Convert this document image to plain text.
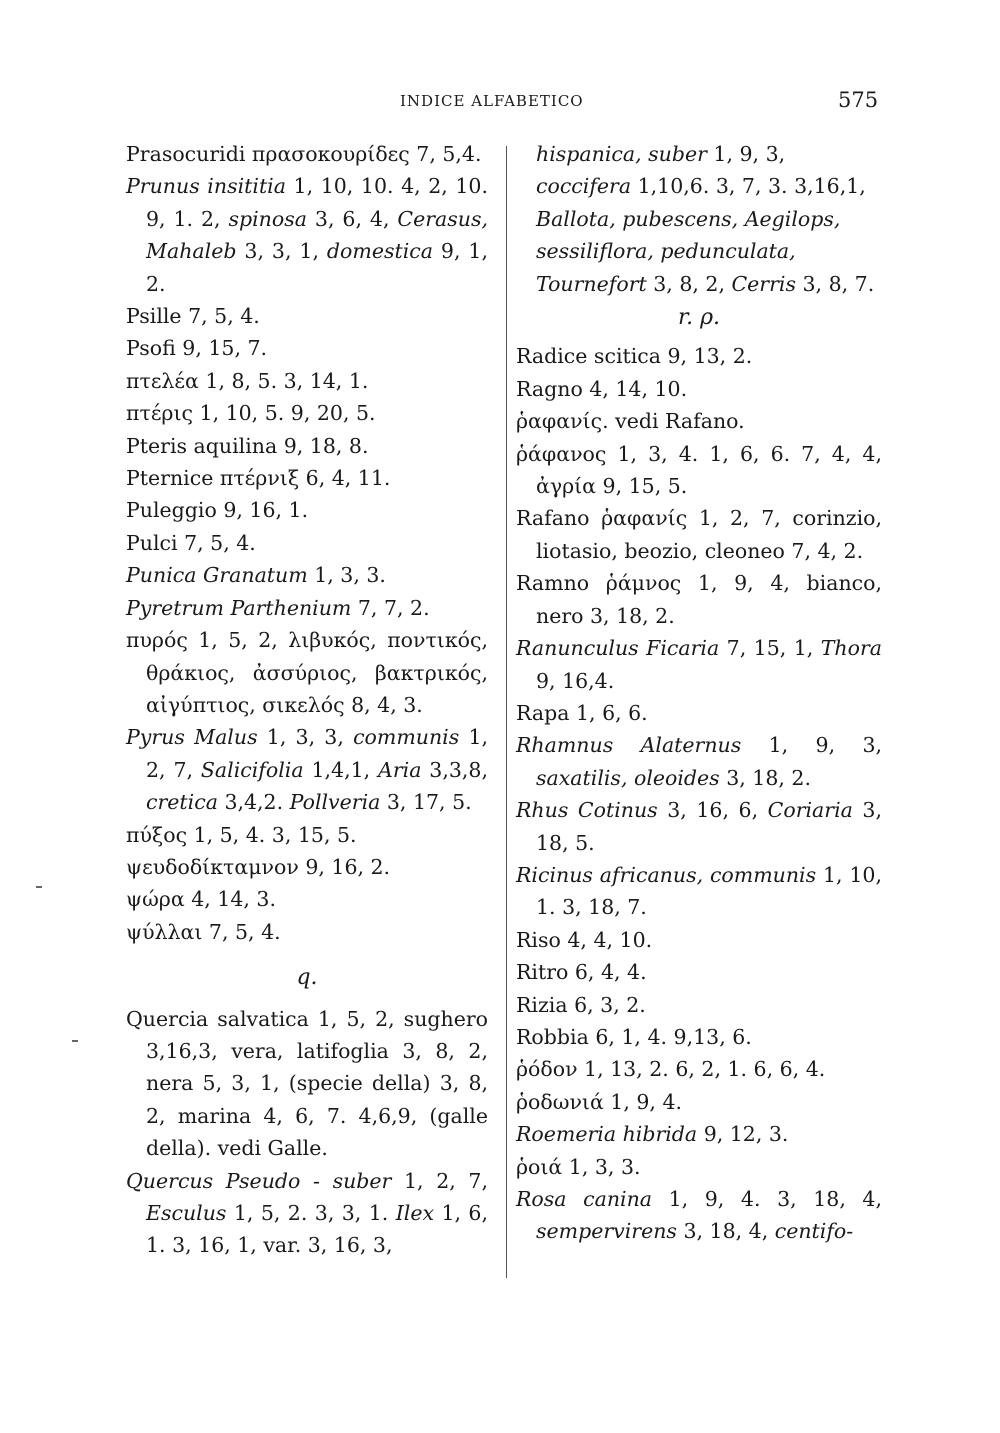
INDICE ALFABETICO	575
Prasocuridi πρασοκουρίδες 7, 5,4.
Prunus insititia 1, 10, 10. 4, 2, 10. 9, 1. 2, spinosa 3, 6, 4, Cerasus, Mahaleb 3, 3, 1, domestica 9, 1, 2.
Psille 7, 5, 4.
Psofi 9, 15, 7.
πτελέα 1, 8, 5. 3, 14, 1.
πτέρις 1, 10, 5. 9, 20, 5.
Pteris aquilina 9, 18, 8.
Pternice πτέρνιξ 6, 4, 11.
Puleggio 9, 16, 1.
Pulci 7, 5, 4.
Punica Granatum 1, 3, 3.
Pyretrum Parthenium 7, 7, 2.
πυρός 1, 5, 2, λιβυκός, ποντικός, θράκιος, ἀσσύριος, βακτρικός, αἰγύπτιος, σικελός 8, 4, 3.
Pyrus Malus 1, 3, 3, communis 1, 2, 7, Salicifolia 1,4,1, Aria 3,3,8, cretica 3,4,2. Pollveria 3, 17, 5.
πύξος 1, 5, 4. 3, 15, 5.
ψευδοδίκταμνον 9, 16, 2.
ψώρα 4, 14, 3.
ψύλλαι 7, 5, 4.
q.
Quercia salvatica 1, 5, 2, sughero 3,16,3, vera, latifoglia 3, 8, 2, nera 5, 3, 1, (specie della) 3, 8, 2, marina 4, 6, 7. 4,6,9, (galle della). vedi Galle.
Quercus Pseudo - suber 1, 2, 7, Esculus 1, 5, 2. 3, 3, 1. Ilex 1, 6, 1. 3, 16, 1, var. 3, 16, 3,
hispanica, suber 1, 9, 3, coccifera 1,10,6. 3, 7, 3. 3,16,1, Ballota, pubescens, Aegilops, sessiliflora, pedunculata, Tournefort 3, 8, 2, Cerris 3, 8, 7.
r. ρ.
Radice scitica 9, 13, 2.
Ragno 4, 14, 10.
ῥαφανίς. vedi Rafano.
ῥάφανος 1, 3, 4. 1, 6, 6. 7, 4, 4, ἀγρία 9, 15, 5.
Rafano ῥαφανίς 1, 2, 7, corinzio, liotasio, beozio, cleoneo 7, 4, 2.
Ramno ῥάμνος 1, 9, 4, bianco, nero 3, 18, 2.
Ranunculus Ficaria 7, 15, 1, Thora 9, 16,4.
Rapa 1, 6, 6.
Rhamnus Alaternus 1, 9, 3, saxatilis, oleoides 3, 18, 2.
Rhus Cotinus 3, 16, 6, Coriaria 3, 18, 5.
Ricinus africanus, communis 1, 10, 1. 3, 18, 7.
Riso 4, 4, 10.
Ritro 6, 4, 4.
Rizia 6, 3, 2.
Robbia 6, 1, 4. 9,13, 6.
ῥόδον 1, 13, 2. 6, 2, 1. 6, 6, 4.
ῥοδωνιά 1, 9, 4.
Roemeria hibrida 9, 12, 3.
ῥοιά 1, 3, 3.
Rosa canina 1, 9, 4. 3, 18, 4, sempervirens 3, 18, 4, centifo-
